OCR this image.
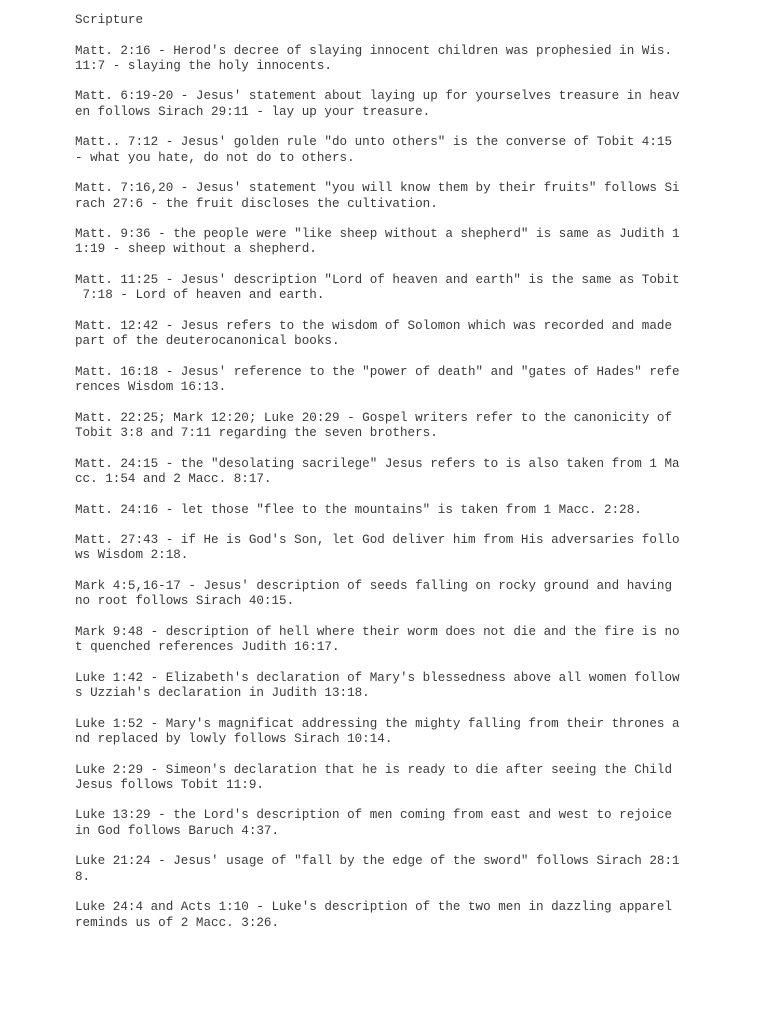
Scripture
Matt. 2:16 - Herod's decree of slaying innocent children was prophesied in Wis.
11:7 - slaying the holy innocents.
Matt. 6:19-20 - Jesus' statement about laying up for yourselves treasure in heav
en follows Sirach 29:11 - lay up your treasure.
Matt.. 7:12 - Jesus' golden rule "do unto others" is the converse of Tobit 4:15
- what you hate, do not do to others.
Matt. 7:16,20 - Jesus' statement "you will know them by their fruits" follows Si
rach 27:6 - the fruit discloses the cultivation.
Matt. 9:36 - the people were "like sheep without a shepherd" is same as Judith 1
1:19 - sheep without a shepherd.
Matt. 11:25 - Jesus' description "Lord of heaven and earth" is the same as Tobit
7:18 - Lord of heaven and earth.
Matt. 12:42 - Jesus refers to the wisdom of Solomon which was recorded and made
part of the deuterocanonical books.
Matt. 16:18 - Jesus' reference to the "power of death" and "gates of Hades" refe
rences Wisdom 16:13.
Matt. 22:25; Mark 12:20; Luke 20:29 - Gospel writers refer to the canonicity of
Tobit 3:8 and 7:11 regarding the seven brothers.
Matt. 24:15 - the "desolating sacrilege" Jesus refers to is also taken from 1 Ma
cc. 1:54 and 2 Macc. 8:17.
Matt. 24:16 - let those "flee to the mountains" is taken from 1 Macc. 2:28.
Matt. 27:43 - if He is God's Son, let God deliver him from His adversaries follo
ws Wisdom 2:18.
Mark 4:5,16-17 - Jesus' description of seeds falling on rocky ground and having
no root follows Sirach 40:15.
Mark 9:48 - description of hell where their worm does not die and the fire is no
t quenched references Judith 16:17.
Luke 1:42 - Elizabeth's declaration of Mary's blessedness above all women follow
s Uzziah's declaration in Judith 13:18.
Luke 1:52 - Mary's magnificat addressing the mighty falling from their thrones a
nd replaced by lowly follows Sirach 10:14.
Luke 2:29 - Simeon's declaration that he is ready to die after seeing the Child
Jesus follows Tobit 11:9.
Luke 13:29 - the Lord's description of men coming from east and west to rejoice
in God follows Baruch 4:37.
Luke 21:24 - Jesus' usage of "fall by the edge of the sword" follows Sirach 28:1
8.
Luke 24:4 and Acts 1:10 - Luke's description of the two men in dazzling apparel
reminds us of 2 Macc. 3:26.
